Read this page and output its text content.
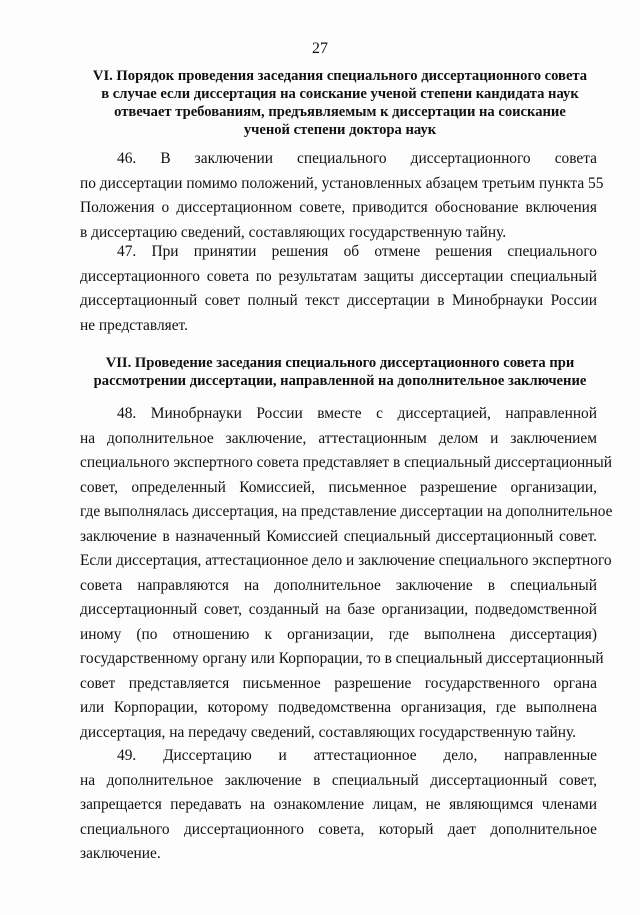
27
VI. Порядок проведения заседания специального диссертационного совета
в случае если диссертация на соискание ученой степени кандидата наук
отвечает требованиям, предъявляемым к диссертации на соискание
ученой степени доктора наук
46. В заключении специального диссертационного совета
по диссертации помимо положений, установленных абзацем третьим пункта 55
Положения о диссертационном совете, приводится обоснование включения
в диссертацию сведений, составляющих государственную тайну.
47. При принятии решения об отмене решения специального
диссертационного совета по результатам защиты диссертации специальный
диссертационный совет полный текст диссертации в Минобрнауки России
не представляет.
VII. Проведение заседания специального диссертационного совета при
рассмотрении диссертации, направленной на дополнительное заключение
48. Минобрнауки России вместе с диссертацией, направленной
на дополнительное заключение, аттестационным делом и заключением
специального экспертного совета представляет в специальный диссертационный
совет, определенный Комиссией, письменное разрешение организации,
где выполнялась диссертация, на представление диссертации на дополнительное
заключение в назначенный Комиссией специальный диссертационный совет.
Если диссертация, аттестационное дело и заключение специального экспертного
совета направляются на дополнительное заключение в специальный
диссертационный совет, созданный на базе организации, подведомственной
иному (по отношению к организации, где выполнена диссертация)
государственному органу или Корпорации, то в специальный диссертационный
совет представляется письменное разрешение государственного органа
или Корпорации, которому подведомственна организация, где выполнена
диссертация, на передачу сведений, составляющих государственную тайну.
49. Диссертацию и аттестационное дело, направленные
на дополнительное заключение в специальный диссертационный совет,
запрещается передавать на ознакомление лицам, не являющимся членами
специального диссертационного совета, который дает дополнительное
заключение.
